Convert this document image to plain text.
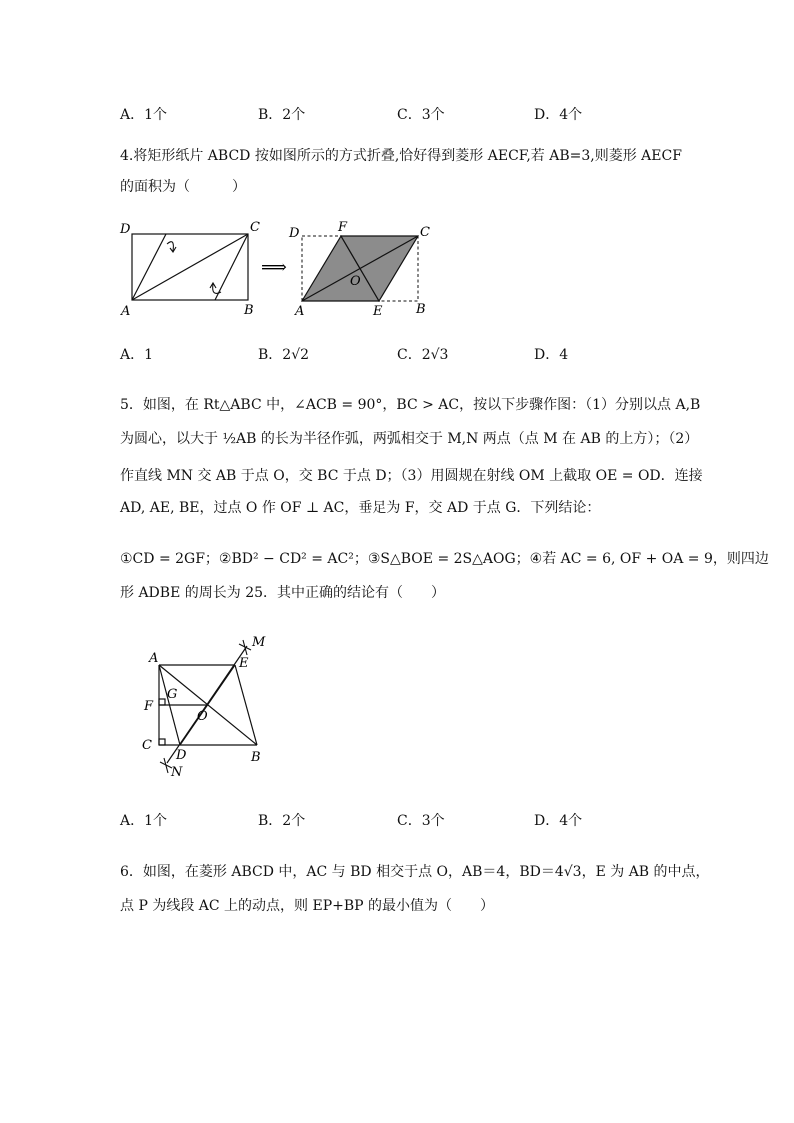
A．1个	B．2个	C．3个	D．4个
4.将矩形纸片 ABCD 按如图所示的方式折叠,恰好得到菱形 AECF,若 AB=3,则菱形 AECF
的面积为（　　　）
D	C
A	B
⟹
D	F	C
O
A	E	B
A．1	B．2√2	C．2√3	D．4
5．如图，在 Rt△ABC 中，∠ACB = 90°，BC > AC，按以下步骤作图：（1）分别以点 A,B
为圆心，以大于 ½AB 的长为半径作弧，两弧相交于 M,N 两点（点 M 在 AB 的上方）；（2）
作直线 MN 交 AB 于点 O，交 BC 于点 D；（3）用圆规在射线 OM 上截取 OE = OD．连接
AD, AE, BE，过点 O 作 OF ⊥ AC，垂足为 F，交 AD 于点 G．下列结论：
①CD = 2GF；②BD² − CD² = AC²；③S△BOE = 2S△AOG；④若 AC = 6, OF + OA = 9，则四边
形 ADBE 的周长为 25．其中正确的结论有（　　）
M
A	E
G
F
O
C
D	B
N
A．1个	B．2个	C．3个	D．4个
6．如图，在菱形 ABCD 中，AC 与 BD 相交于点 O，AB＝4，BD＝4√3，E 为 AB 的中点，
点 P 为线段 AC 上的动点，则 EP+BP 的最小值为（　　）
